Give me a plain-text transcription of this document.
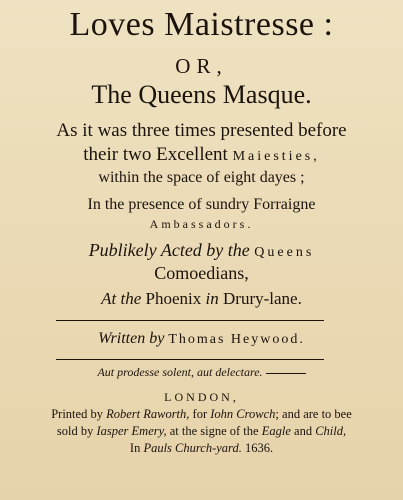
Loves Maistresse :
OR,
The Queens Masque.
As it was three times presented before
their two Excellent Maiesties,
within the space of eight dayes ;
In the presence of sundry Forraigne
Ambassadors.
Publikely Acted by the Queens
Comoedians,
At the Phoenix in Drury-lane.
Written by Thomas Heywood.
Aut prodesse solent, aut delectare.
LONDON,
Printed by Robert Raworth, for Iohn Crowch; and are to bee
sold by Iasper Emery, at the signe of the Eagle and Child,
In Pauls Church-yard. 1636.
